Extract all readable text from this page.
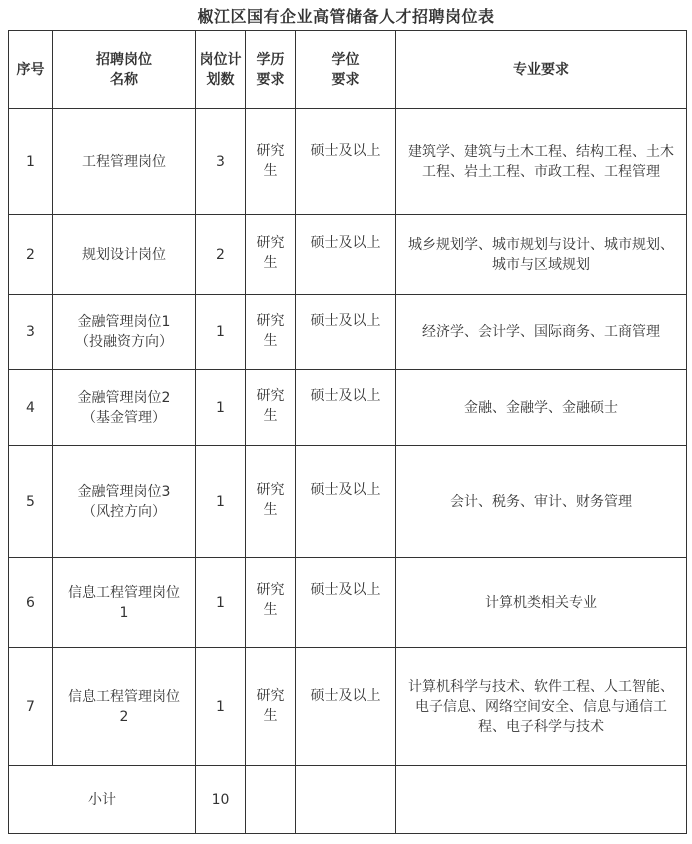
椒江区国有企业高管储备人才招聘岗位表
序号	招聘岗位名称	岗位计划数	学历要求	学位要求	专业要求
1	工程管理岗位	3	研究生	硕士及以上	建筑学、建筑与土木工程、结构工程、土木工程、岩土工程、市政工程、工程管理
2	规划设计岗位	2	研究生	硕士及以上	城乡规划学、城市规划与设计、城市规划、城市与区域规划
3	金融管理岗位1（投融资方向）	1	研究生	硕士及以上	经济学、会计学、国际商务、工商管理
4	金融管理岗位2（基金管理）	1	研究生	硕士及以上	金融、金融学、金融硕士
5	金融管理岗位3（风控方向）	1	研究生	硕士及以上	会计、税务、审计、财务管理
6	信息工程管理岗位1	1	研究生	硕士及以上	计算机类相关专业
7	信息工程管理岗位2	1	研究生	硕士及以上	计算机科学与技术、软件工程、人工智能、电子信息、网络空间安全、信息与通信工程、电子科学与技术
小计		10			
